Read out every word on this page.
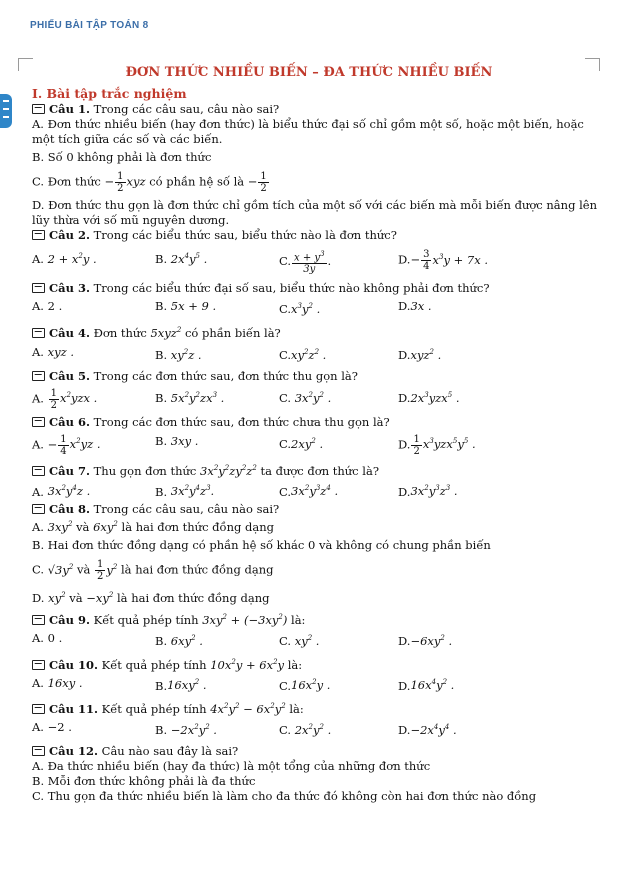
PHIẾU BÀI TẬP TOÁN 8
ĐƠN THỨC NHIỀU BIẾN – ĐA THỨC NHIỀU BIẾN
I. Bài tập trắc nghiệm
Câu 1. Trong các câu sau, câu nào sai?
A. Đơn thức nhiều biến (hay đơn thức) là biểu thức đại số chỉ gồm một số, hoặc một biến, hoặc một tích giữa các số và các biến.
B. Số 0 không phải là đơn thức
C. Đơn thức − $\frac{1}{2}$ xyz có phần hệ số là − $\frac{1}{2}$
D. Đơn thức thu gọn là đơn thức chỉ gồm tích của một số với các biến mà mỗi biến được nâng lên lũy thừa với số mũ nguyên dương.
Câu 2. Trong các biểu thức sau, biểu thức nào là đơn thức?
A. $2 + x^2y$ .	B. $2x^4y^5$ .	C. $\frac{x + y^3}{3y}$ .	$D.- \frac{3}{4} x^3y + 7x$ .
Câu 3. Trong các biểu thức đại số sau, biểu thức nào không phải đơn thức?
A. 2 .	B. 5x + 9 .	$C.x^3y^2$ .	D.3x .
Câu 4. Đơn thức 5xyz$^2$ có phần biến là?
A. xyz .	B. $xy^2z$ .	$C.xy^2z^2$ .	D.xyz$^2$ .
Câu 5. Trong các đơn thức sau, đơn thức thu gọn là?
A. $\frac{1}{2} x^2yzx$ .	B. $5x^2y^2zx^3$ .	C. $3x^2y^2$ .	$D.2x^3yzx^5$ .
Câu 6. Trong các đơn thức sau, đơn thức chưa thu gọn là?
A. − $\frac{1}{4} x^2yz$ .	B. 3xy .	$C.2xy^2$ .	D. $\frac{1}{2} x^3yzx^5y^5$ .
Câu 7. Thu gọn đơn thức $3x^2y^2zy^2z^2$ ta được đơn thức là?
A. $3x^2y^4z$ .	B. $3x^2y^4z^3$.	$C.3x^2y^3z^4$ .	$D.3x^2y^3z^3$ .
Câu 8. Trong các câu sau, câu nào sai?
A. $3xy^2$ và $6xy^2$ là hai đơn thức đồng dạng
B. Hai đơn thức đồng dạng có phần hệ số khác 0 và không có chung phần biến
C. $√3y^2$ và $\frac{1}{2} y^2$ là hai đơn thức đồng dạng
D. $xy^2$ và $-xy^2$ là hai đơn thức đồng dạng
Câu 9. Kết quả phép tính $3xy^2 + (-3xy^2)$ là:
A. 0 .	B. $6xy^2$ .	C. $xy^2$ .	$D.-6xy^2$ .
Câu 10. Kết quả phép tính $10x^2y + 6x^2y$ là:
A. 16xy .	$B.16xy^2$ .	$C.16x^2y$ .	$D.16x^4y^2$ .
Câu 11. Kết quả phép tính $4x^2y^2 - 6x^2y^2$ là:
A. −2 .	B. $-2x^2y^2$ .	C. $2x^2y^2$ .	$D.-2x^4y^4$ .
Câu 12. Câu nào sau đây là sai?
A. Đa thức nhiều biến (hay đa thức) là một tổng của những đơn thức
B. Mỗi đơn thức không phải là đa thức
C. Thu gọn đa thức nhiều biến là làm cho đa thức đó không còn hai đơn thức nào đồng
